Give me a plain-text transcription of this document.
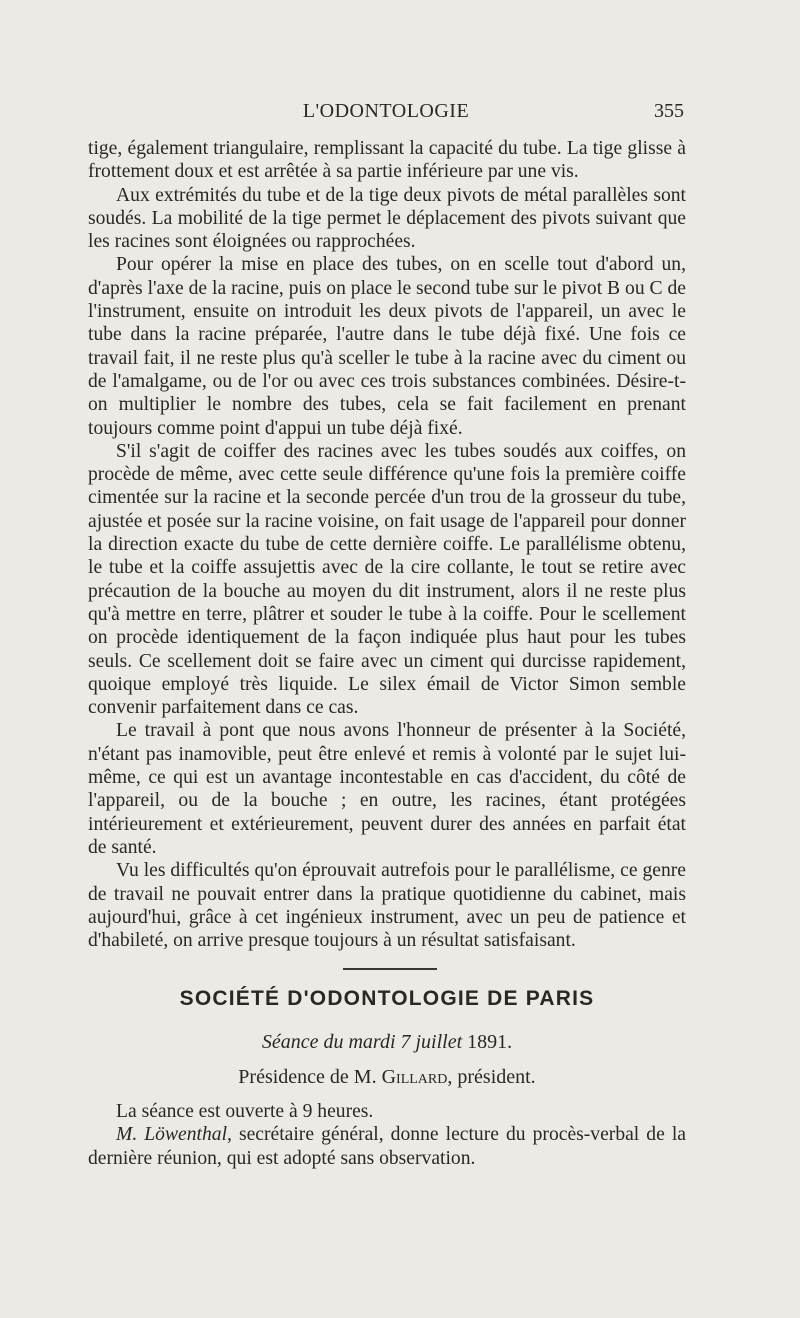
L'ODONTOLOGIE	355

tige, également triangulaire, remplissant la capacité du tube. La tige glisse à frottement doux et est arrêtée à sa partie inférieure par une vis.

Aux extrémités du tube et de la tige deux pivots de métal parallèles sont soudés. La mobilité de la tige permet le déplacement des pivots suivant que les racines sont éloignées ou rapprochées.

Pour opérer la mise en place des tubes, on en scelle tout d'abord un, d'après l'axe de la racine, puis on place le second tube sur le pivot B ou C de l'instrument, ensuite on introduit les deux pivots de l'appareil, un avec le tube dans la racine préparée, l'autre dans le tube déjà fixé. Une fois ce travail fait, il ne reste plus qu'à sceller le tube à la racine avec du ciment ou de l'amalgame, ou de l'or ou avec ces trois substances combinées. Désire-t-on multiplier le nombre des tubes, cela se fait facilement en prenant toujours comme point d'appui un tube déjà fixé.

S'il s'agit de coiffer des racines avec les tubes soudés aux coiffes, on procède de même, avec cette seule différence qu'une fois la première coiffe cimentée sur la racine et la seconde percée d'un trou de la grosseur du tube, ajustée et posée sur la racine voisine, on fait usage de l'appareil pour donner la direction exacte du tube de cette dernière coiffe. Le parallélisme obtenu, le tube et la coiffe assujettis avec de la cire collante, le tout se retire avec précaution de la bouche au moyen du dit instrument, alors il ne reste plus qu'à mettre en terre, plâtrer et souder le tube à la coiffe. Pour le scellement on procède identiquement de la façon indiquée plus haut pour les tubes seuls. Ce scellement doit se faire avec un ciment qui durcisse rapidement, quoique employé très liquide. Le silex émail de Victor Simon semble convenir parfaitement dans ce cas.

Le travail à pont que nous avons l'honneur de présenter à la Société, n'étant pas inamovible, peut être enlevé et remis à volonté par le sujet lui-même, ce qui est un avantage incontestable en cas d'accident, du côté de l'appareil, ou de la bouche ; en outre, les racines, étant protégées intérieurement et extérieurement, peuvent durer des années en parfait état de santé.

Vu les difficultés qu'on éprouvait autrefois pour le parallélisme, ce genre de travail ne pouvait entrer dans la pratique quotidienne du cabinet, mais aujourd'hui, grâce à cet ingénieux instrument, avec un peu de patience et d'habileté, on arrive presque toujours à un résultat satisfaisant.

SOCIÉTÉ D'ODONTOLOGIE DE PARIS
Séance du mardi 7 juillet 1891.
Présidence de M. Gillard, président.

La séance est ouverte à 9 heures.

M. Löwenthal, secrétaire général, donne lecture du procès-verbal de la dernière réunion, qui est adopté sans observation.
